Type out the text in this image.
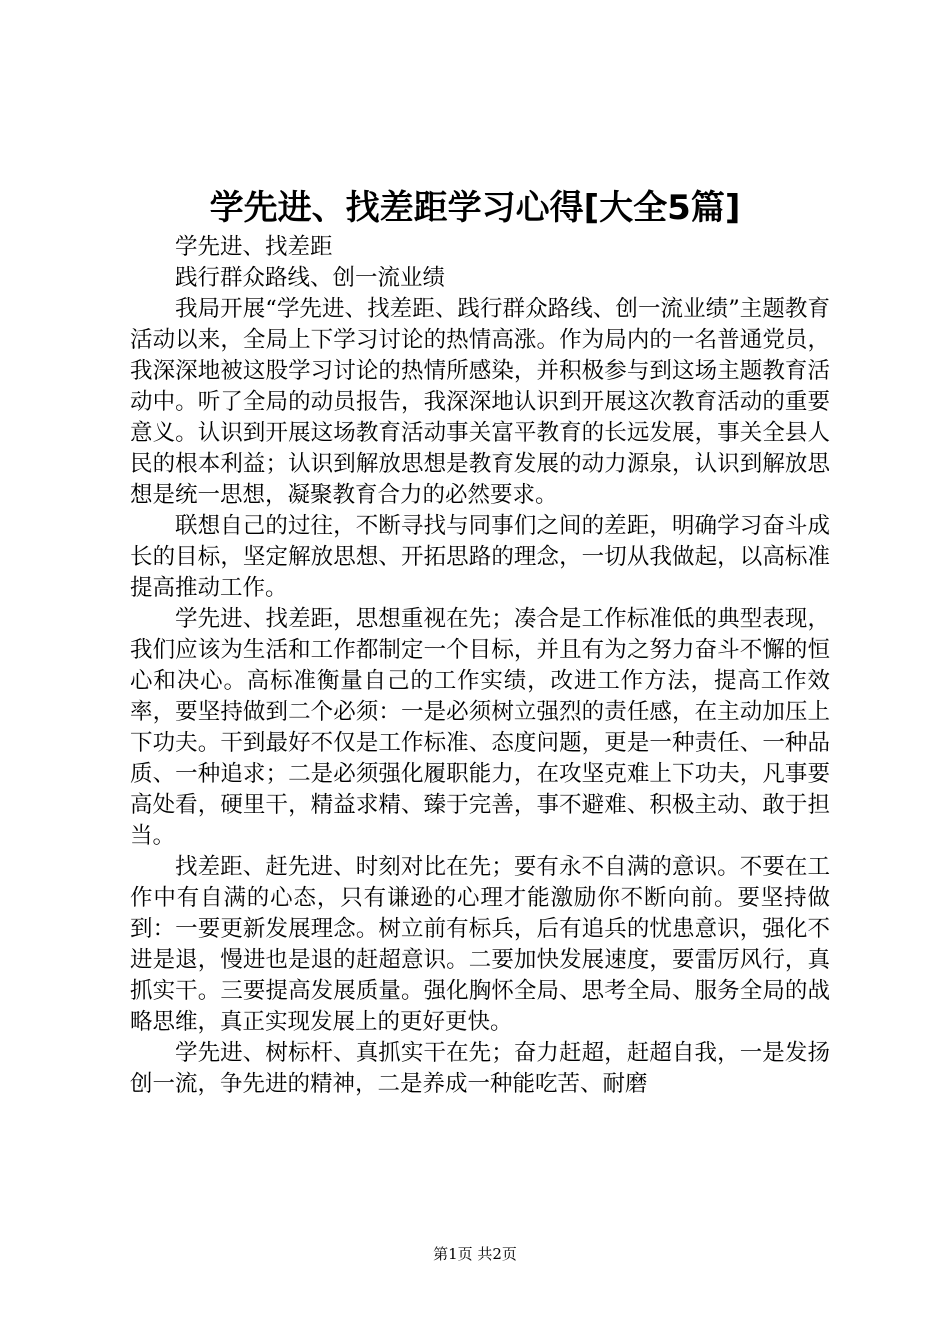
学先进、找差距学习心得[大全5篇]

学先进、找差距

践行群众路线、创一流业绩

我局开展“学先进、找差距、践行群众路线、创一流业绩”主题教育活动以来，全局上下学习讨论的热情高涨。作为局内的一名普通党员，我深深地被这股学习讨论的热情所感染，并积极参与到这场主题教育活动中。听了全局的动员报告，我深深地认识到开展这次教育活动的重要意义。认识到开展这场教育活动事关富平教育的长远发展，事关全县人民的根本利益；认识到解放思想是教育发展的动力源泉，认识到解放思想是统一思想，凝聚教育合力的必然要求。

联想自己的过往，不断寻找与同事们之间的差距，明确学习奋斗成长的目标，坚定解放思想、开拓思路的理念，一切从我做起，以高标准提高推动工作。

学先进、找差距，思想重视在先；凑合是工作标准低的典型表现，我们应该为生活和工作都制定一个目标，并且有为之努力奋斗不懈的恒心和决心。高标准衡量自己的工作实绩，改进工作方法，提高工作效率，要坚持做到二个必须：一是必须树立强烈的责任感，在主动加压上下功夫。干到最好不仅是工作标准、态度问题，更是一种责任、一种品质、一种追求；二是必须强化履职能力，在攻坚克难上下功夫，凡事要高处看，硬里干，精益求精、臻于完善，事不避难、积极主动、敢于担当。

找差距、赶先进、时刻对比在先；要有永不自满的意识。不要在工作中有自满的心态，只有谦逊的心理才能激励你不断向前。要坚持做到：一要更新发展理念。树立前有标兵，后有追兵的忧患意识，强化不进是退，慢进也是退的赶超意识。二要加快发展速度，要雷厉风行，真抓实干。三要提高发展质量。强化胸怀全局、思考全局、服务全局的战略思维，真正实现发展上的更好更快。

学先进、树标杆、真抓实干在先；奋力赶超，赶超自我，一是发扬创一流，争先进的精神，二是养成一种能吃苦、耐磨

第1页 共2页
